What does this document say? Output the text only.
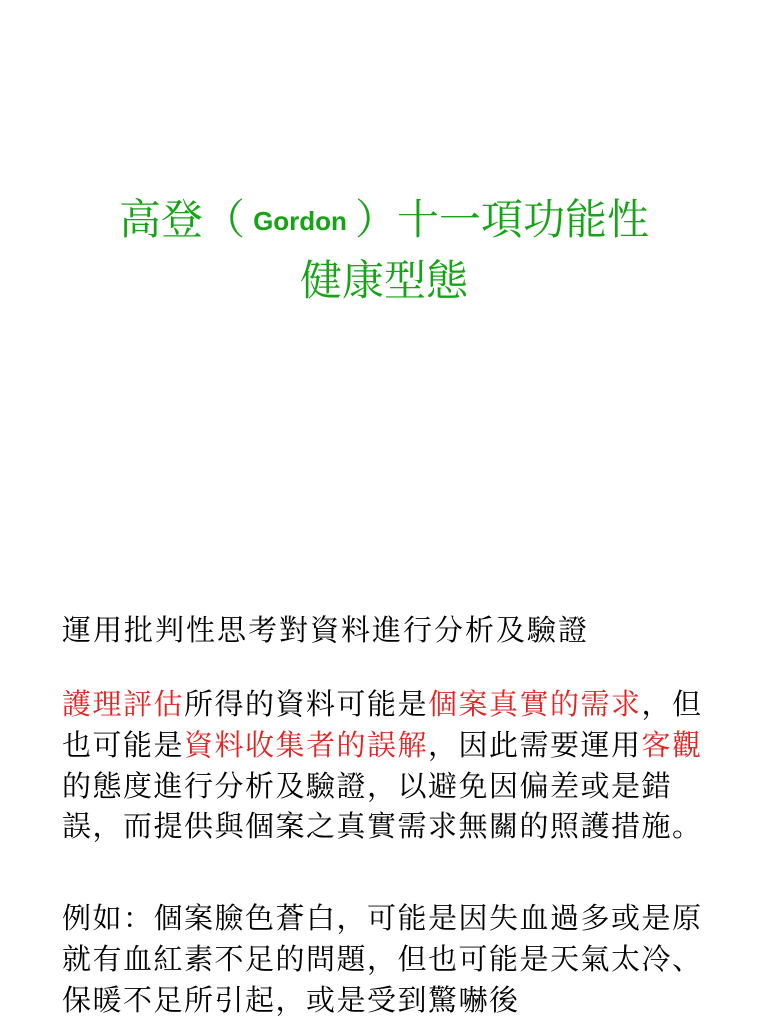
高登（ Gordon ）十一項功能性
健康型態
運用批判性思考對資料進行分析及驗證

護理評估所得的資料可能是個案真實的需求，但也可能是資料收集者的誤解，因此需要運用客觀的態度進行分析及驗證，以避免因偏差或是錯誤，而提供與個案之真實需求無關的照護措施。

例如：個案臉色蒼白，可能是因失血過多或是原就有血紅素不足的問題，但也可能是天氣太冷、保暖不足所引起，或是受到驚嚇後
